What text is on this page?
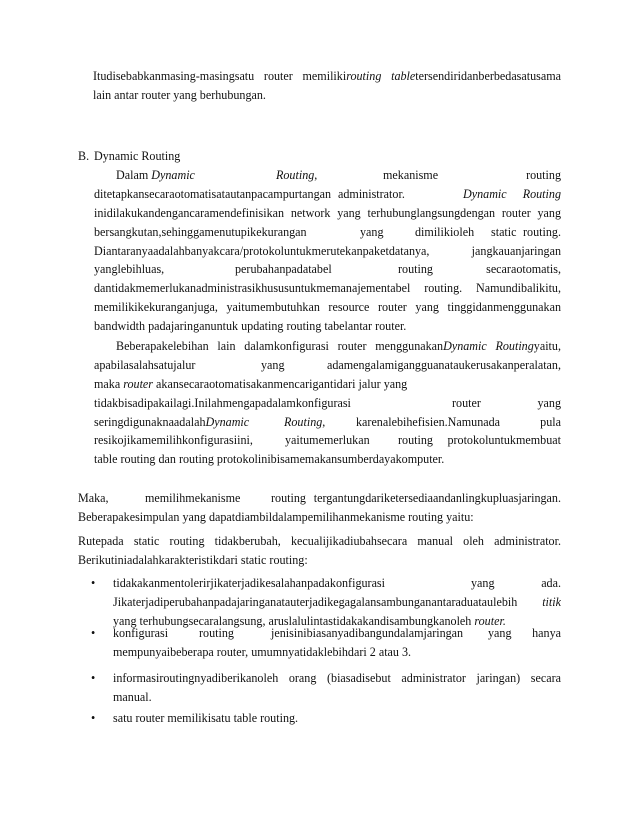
Itudisebabkanmasing-masingsatu router memilikirouting tabletersendiridanberbedasatusama
lain antar router yang berhubungan.
B. Dynamic Routing
Dalam Dynamic	Routing,	mekanisme	routing
ditetapkansecaraotomatisatautanpacampurtangan administrator.	Dynamic Routing
inidilakukandengancaramendefinisikan network yang terhubunglangsungdengan router yang
bersangkutan,sehinggamenutupikekurangan	yang	dimilikioleh static routing.
Diantaranyaadalahbanyakcara/protokoluntukmerutekanpaketdatanya,	jangkauanjaringan
yanglebihluas,	perubahanpadatabel	routing	secaraotomatis,
dantidakmemerlukanadministrasikhususuntukmemanajementabel routing. Namundibalikitu,
memilikikekuranganjuga, yaitumembutuhkan resource router yang tinggidanmenggunakan
bandwidth padajaringanuntuk updating routing tabelantar router.
Beberapakelebihan lain dalamkonfigurasi router menggunakanDynamic Routingyaitu,
apabilasalahsatujalur	yang	adamengalamigangguanataukerusakanperalatan,
maka router akansecaraotomatisakanmencarigantidari jalur yang
tidakbisadipakailagi.Inilahmengapadalamkonfigurasi	router	yang
seringdigunaknaadalahDynamic	Routing,	karenalebihefisien.Namunada	pula
resikojikamemilihkonfigurasiini,	yaitumemerlukan routing protokoluntukmembuat
table routing dan routing protokolinibisamemakansumberdayakomputer.
Maka,	memilihmekanisme	routing tergantungdariketersediaandanlingkupluasjaringan.
Beberapakesimpulan yang dapatdiambildalampemilihanmekanisme routing yaitu:
Rutepada static routing tidakberubah, kecualijikadiubahsecara manual oleh administrator.
Berikutiniadalahkarakteristikdari static routing:
•	tidakakanmentolerirjikaterjadikesalahanpadakonfigurasi	yang	ada.
Jikaterjadiperubahanpadajaringanatauterjadikegagalansambunganantaraduataulebih titik
yang terhubungsecaralangsung, aruslalulintastidakakandisambungkanoleh router.
•	konfigurasi	routing	jenisinibiasanyadibangundalamjaringan yang hanya
mempunyaibeberapa router, umumnyatidaklebihdari 2 atau 3.
•	informasiroutingnyadiberikanoleh orang (biasadisebut administrator jaringan) secara
manual.
•	satu router memilikisatu table routing.
